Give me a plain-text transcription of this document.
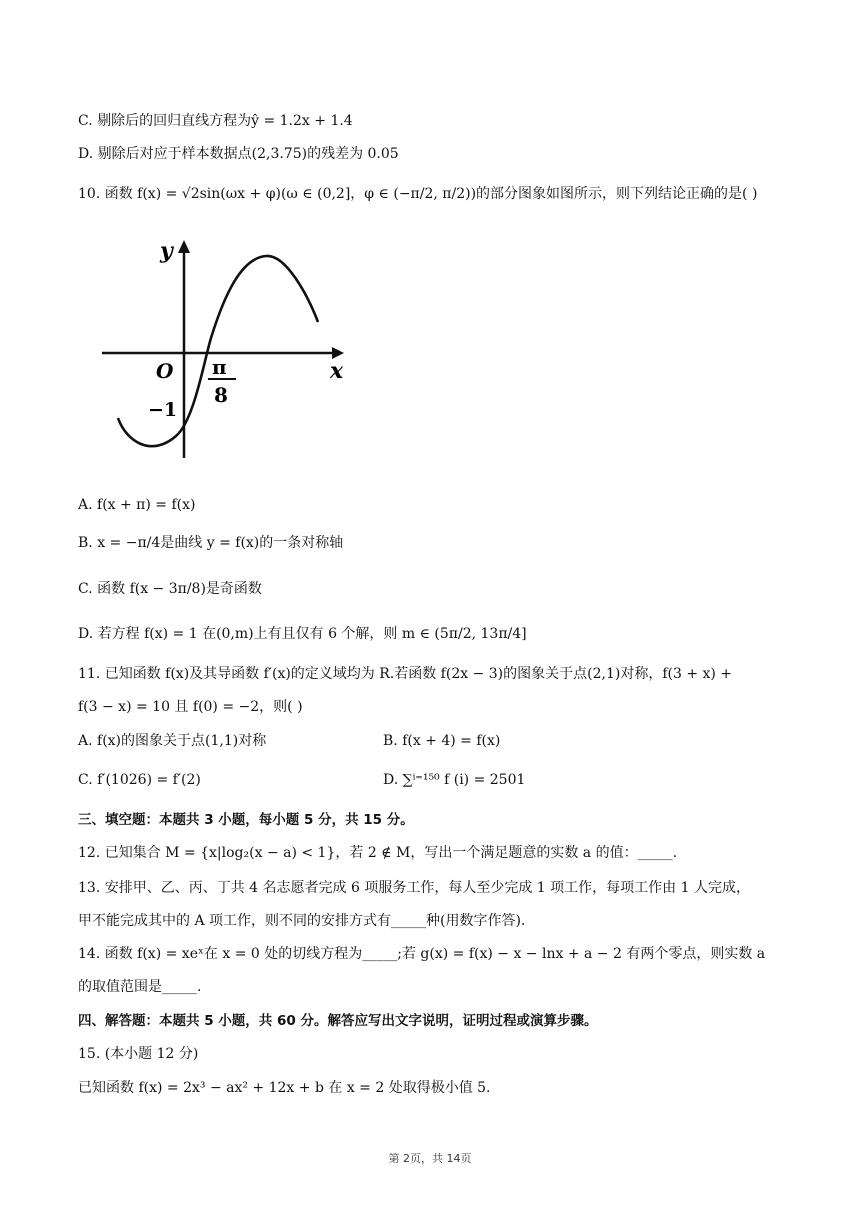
C. 剔除后的回归直线方程为ŷ = 1.2x + 1.4
D. 剔除后对应于样本数据点(2,3.75)的残差为 0.05
10. 函数 f(x) = √2sin(ωx + φ)(ω ∈ (0,2]，φ ∈ (−π/2, π/2))的部分图象如图所示，则下列结论正确的是( )
y
x
O
−1
π
8
A. f(x + π) = f(x)
B. x = −π/4是曲线 y = f(x)的一条对称轴
C. 函数 f(x − 3π/8)是奇函数
D. 若方程 f(x) = 1 在(0,m)上有且仅有 6 个解，则 m ∈ (5π/2, 13π/4]
11. 已知函数 f(x)及其导函数 f′(x)的定义域均为 R.若函数 f(2x − 3)的图象关于点(2,1)对称，f(3 + x) +
f(3 − x) = 10 且 f(0) = −2，则( )
A. f(x)的图象关于点(1,1)对称	B. f(x + 4) = f(x)
C. f′(1026) = f′(2)	D. ∑ⁱ⁼¹⁵⁰ f (i) = 2501
三、填空题：本题共 3 小题，每小题 5 分，共 15 分。
12. 已知集合 M = {x|log₂(x − a) < 1}，若 2 ∉ M，写出一个满足题意的实数 a 的值：_____.
13. 安排甲、乙、丙、丁共 4 名志愿者完成 6 项服务工作，每人至少完成 1 项工作，每项工作由 1 人完成，
甲不能完成其中的 A 项工作，则不同的安排方式有_____种(用数字作答).
14. 函数 f(x) = xeˣ在 x = 0 处的切线方程为_____;若 g(x) = f(x) − x − lnx + a − 2 有两个零点，则实数 a
的取值范围是_____.
四、解答题：本题共 5 小题，共 60 分。解答应写出文字说明，证明过程或演算步骤。
15. (本小题 12 分)
已知函数 f(x) = 2x³ − ax² + 12x + b 在 x = 2 处取得极小值 5.
第 2页，共 14页
